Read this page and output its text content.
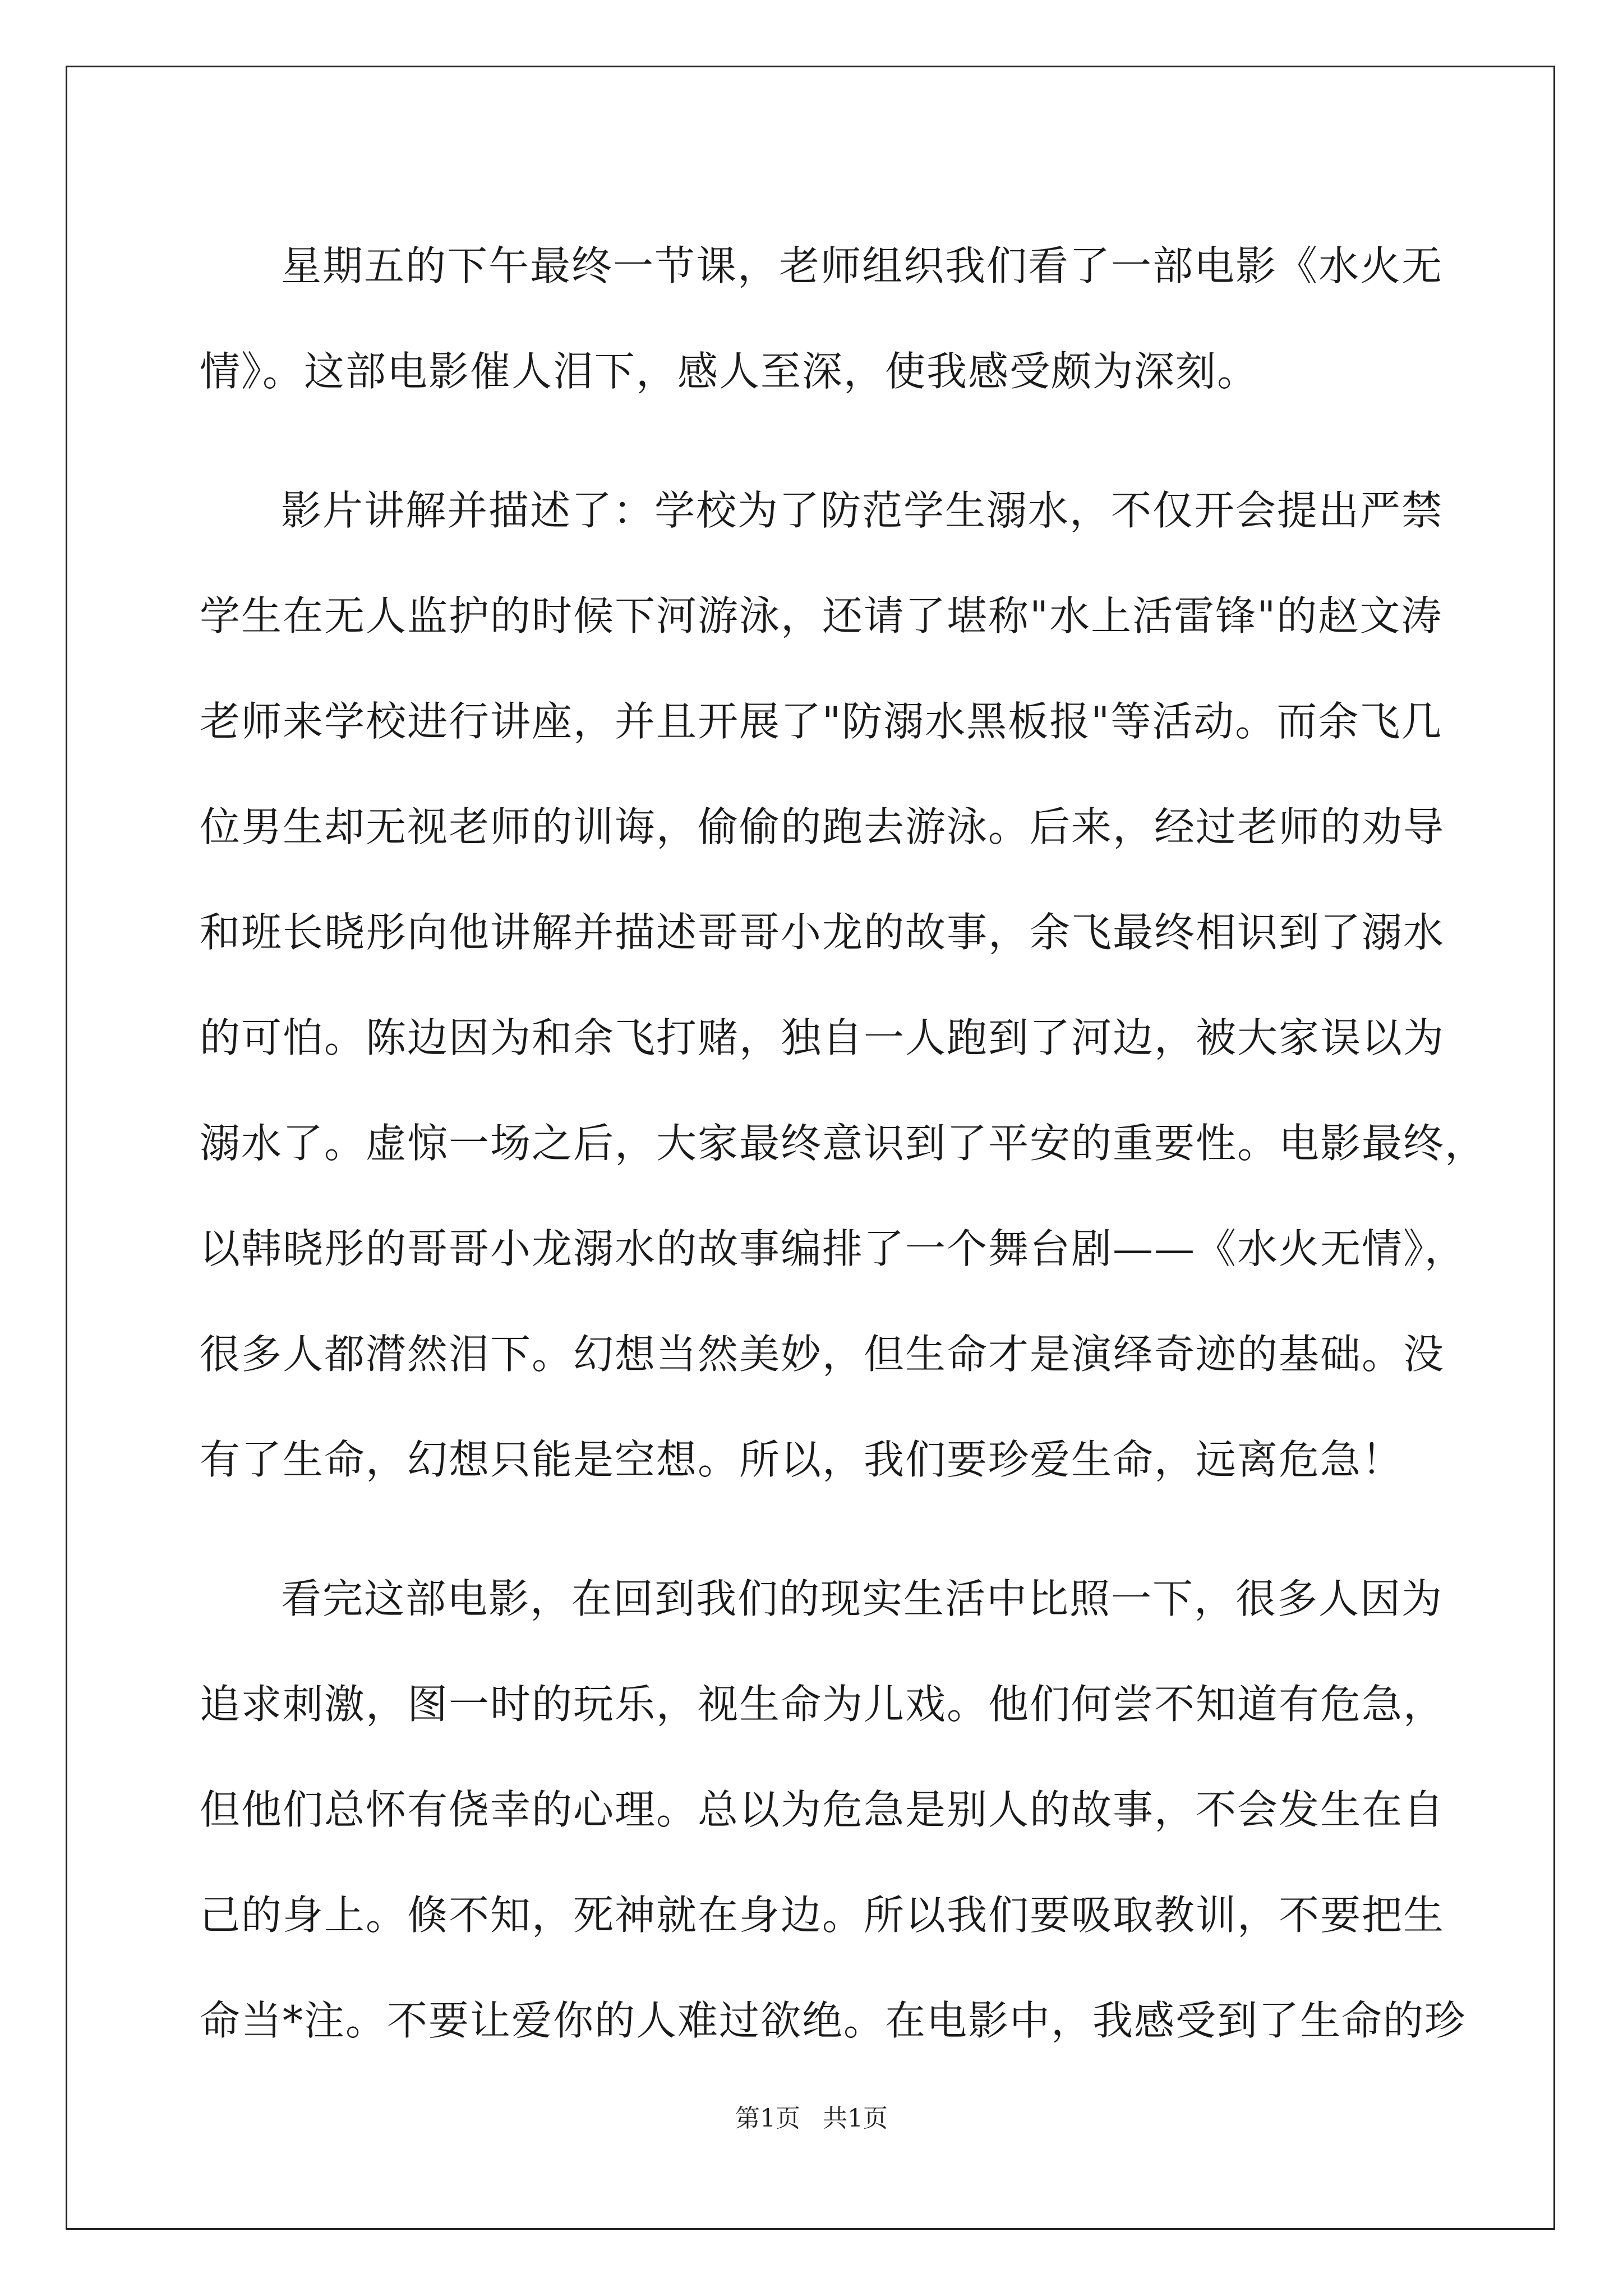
星期五的下午最终一节课，老师组织我们看了一部电影《水火无
情》。这部电影催人泪下，感人至深，使我感受颇为深刻。
影片讲解并描述了：学校为了防范学生溺水，不仅开会提出严禁
学生在无人监护的时候下河游泳，还请了堪称"水上活雷锋"的赵文涛
老师来学校进行讲座，并且开展了"防溺水黑板报"等活动。而余飞几
位男生却无视老师的训诲，偷偷的跑去游泳。后来，经过老师的劝导
和班长晓彤向他讲解并描述哥哥小龙的故事，余飞最终相识到了溺水
的可怕。陈边因为和余飞打赌，独自一人跑到了河边，被大家误以为
溺水了。虚惊一场之后，大家最终意识到了平安的重要性。电影最终，
以韩晓彤的哥哥小龙溺水的故事编排了一个舞台剧——《水火无情》，
很多人都潸然泪下。幻想当然美妙，但生命才是演绎奇迹的基础。没
有了生命，幻想只能是空想。所以，我们要珍爱生命，远离危急！
看完这部电影，在回到我们的现实生活中比照一下，很多人因为
追求刺激，图一时的玩乐，视生命为儿戏。他们何尝不知道有危急，
但他们总怀有侥幸的心理。总以为危急是别人的故事，不会发生在自
己的身上。倏不知，死神就在身边。所以我们要吸取教训，不要把生
命当*注。不要让爱你的人难过欲绝。在电影中，我感受到了生命的珍
第1页 共1页
